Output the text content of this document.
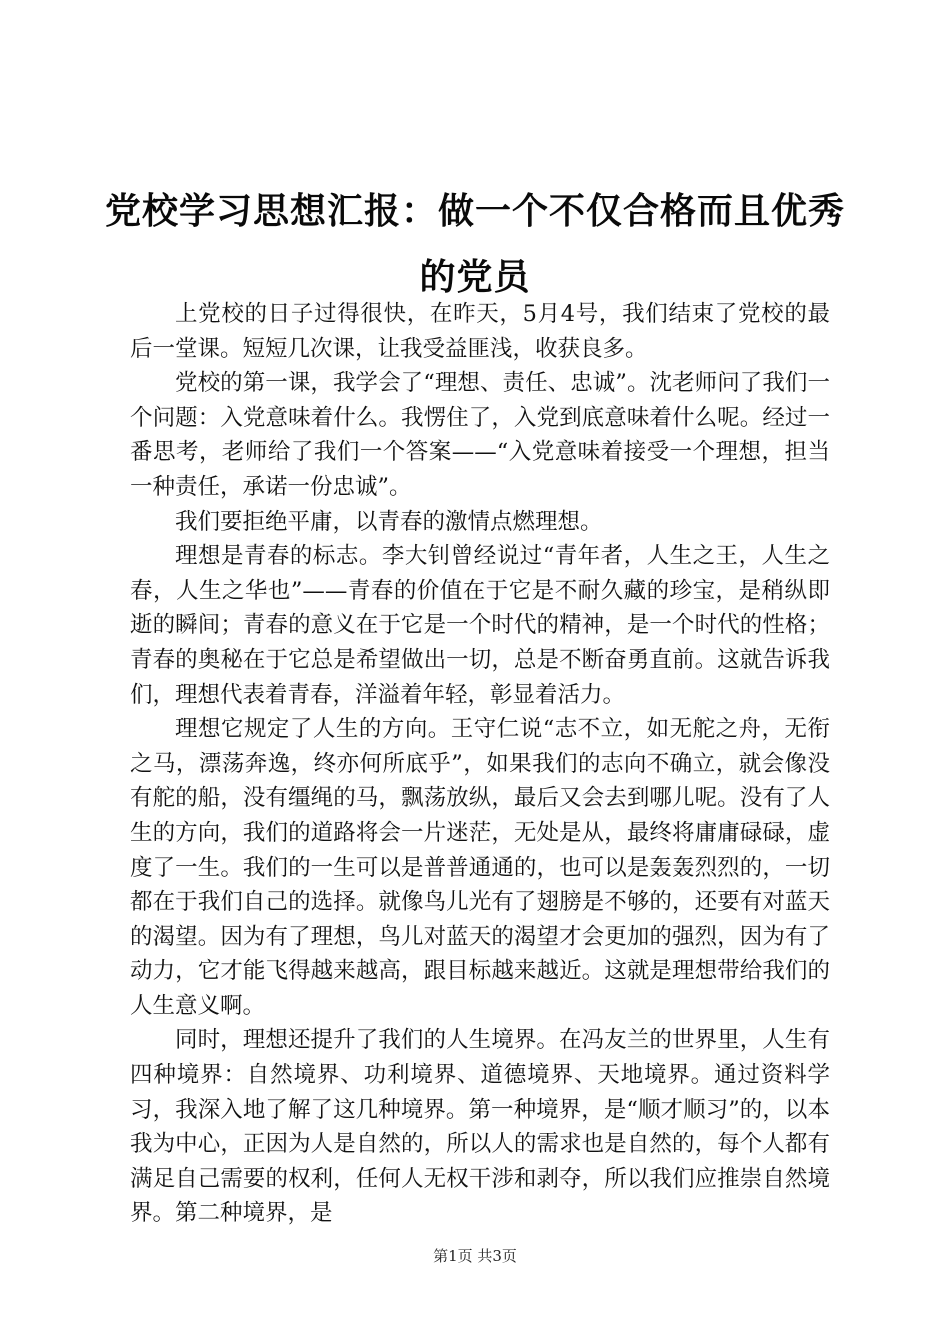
党校学习思想汇报：做一个不仅合格而且优秀
的党员

上党校的日子过得很快，在昨天，5月4号，我们结束了党校的最后一堂课。短短几次课，让我受益匪浅，收获良多。

党校的第一课，我学会了“理想、责任、忠诚”。沈老师问了我们一个问题：入党意味着什么。我愣住了，入党到底意味着什么呢。经过一番思考，老师给了我们一个答案——“入党意味着接受一个理想，担当一种责任，承诺一份忠诚”。

我们要拒绝平庸，以青春的激情点燃理想。

理想是青春的标志。李大钊曾经说过“青年者，人生之王，人生之春，人生之华也”——青春的价值在于它是不耐久藏的珍宝，是稍纵即逝的瞬间；青春的意义在于它是一个时代的精神，是一个时代的性格；青春的奥秘在于它总是希望做出一切，总是不断奋勇直前。这就告诉我们，理想代表着青春，洋溢着年轻，彰显着活力。

理想它规定了人生的方向。王守仁说“志不立，如无舵之舟，无衔之马，漂荡奔逸，终亦何所底乎”，如果我们的志向不确立，就会像没有舵的船，没有缰绳的马，飘荡放纵，最后又会去到哪儿呢。没有了人生的方向，我们的道路将会一片迷茫，无处是从，最终将庸庸碌碌，虚度了一生。我们的一生可以是普普通通的，也可以是轰轰烈烈的，一切都在于我们自己的选择。就像鸟儿光有了翅膀是不够的，还要有对蓝天的渴望。因为有了理想，鸟儿对蓝天的渴望才会更加的强烈，因为有了动力，它才能飞得越来越高，跟目标越来越近。这就是理想带给我们的人生意义啊。

同时，理想还提升了我们的人生境界。在冯友兰的世界里，人生有四种境界：自然境界、功利境界、道德境界、天地境界。通过资料学习，我深入地了解了这几种境界。第一种境界，是“顺才顺习”的，以本我为中心，正因为人是自然的，所以人的需求也是自然的，每个人都有满足自己需要的权利，任何人无权干涉和剥夺，所以我们应推崇自然境界。第二种境界，是

第1页 共3页
